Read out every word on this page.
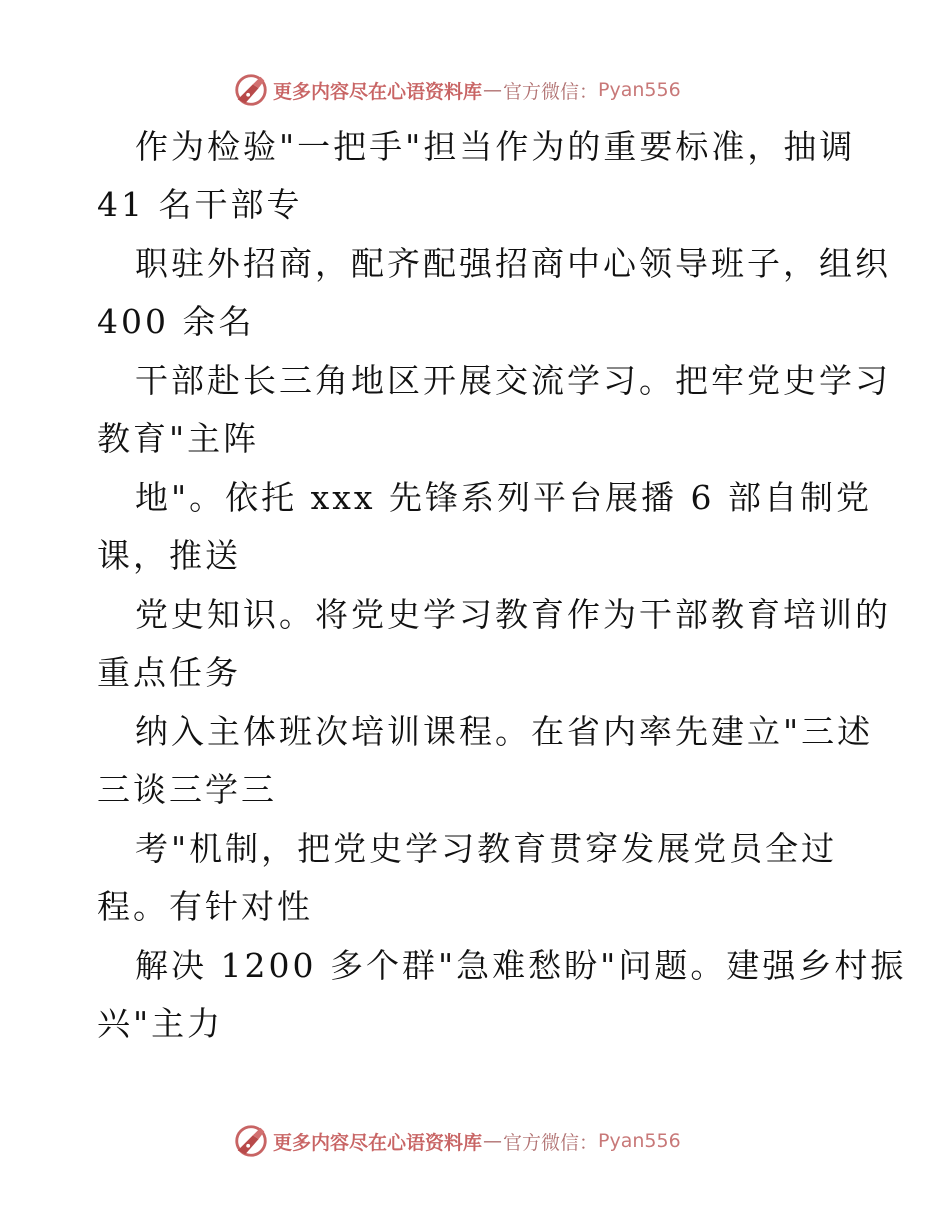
更多内容尽在心语资料库 — 官方微信： Pyan556
作为检验"一把手"担当作为的重要标准，抽调
41 名干部专
职驻外招商，配齐配强招商中心领导班子，组织
400 余名
干部赴长三角地区开展交流学习。把牢党史学习
教育"主阵
地"。依托 xxx 先锋系列平台展播 6 部自制党
课，推送
党史知识。将党史学习教育作为干部教育培训的
重点任务
纳入主体班次培训课程。在省内率先建立"三述
三谈三学三
考"机制，把党史学习教育贯穿发展党员全过
程。有针对性
解决 1200 多个群"急难愁盼"问题。建强乡村振
兴"主力
更多内容尽在心语资料库 — 官方微信： Pyan556
